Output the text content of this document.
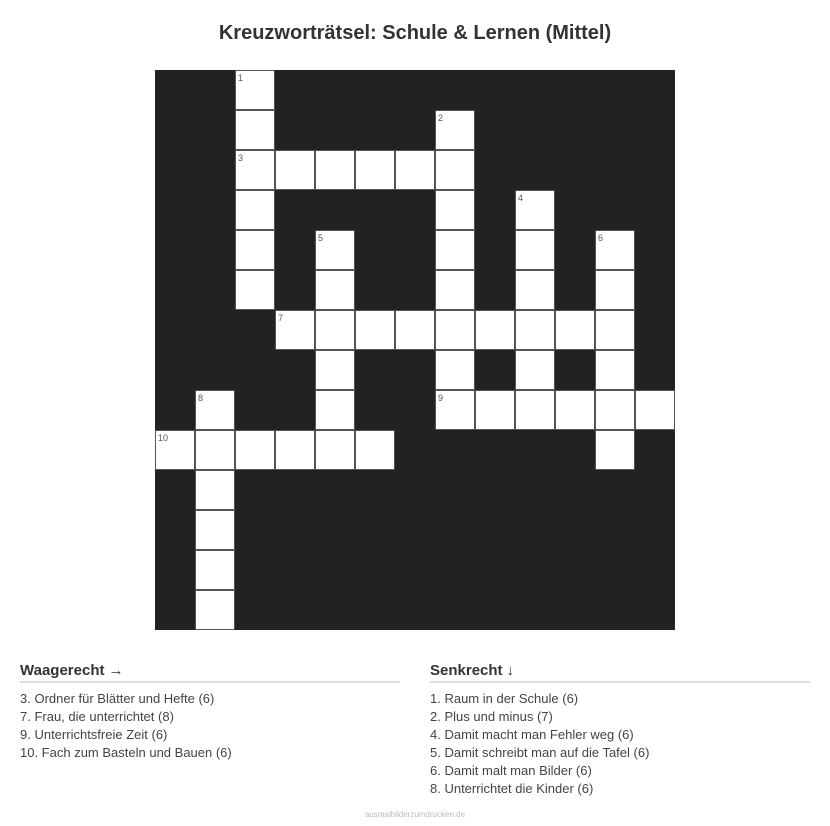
Kreuzworträtsel: Schule & Lernen (Mittel)
1
2
3
4
5	6
7
8	9
10
Waagerecht →
3. Ordner für Blätter und Hefte (6)
7. Frau, die unterrichtet (8)
9. Unterrichtsfreie Zeit (6)
10. Fach zum Basteln und Bauen (6)
Senkrecht ↓
1. Raum in der Schule (6)
2. Plus und minus (7)
4. Damit macht man Fehler weg (6)
5. Damit schreibt man auf die Tafel (6)
6. Damit malt man Bilder (6)
8. Unterrichtet die Kinder (6)
ausmalbilderzumdrucken.de
